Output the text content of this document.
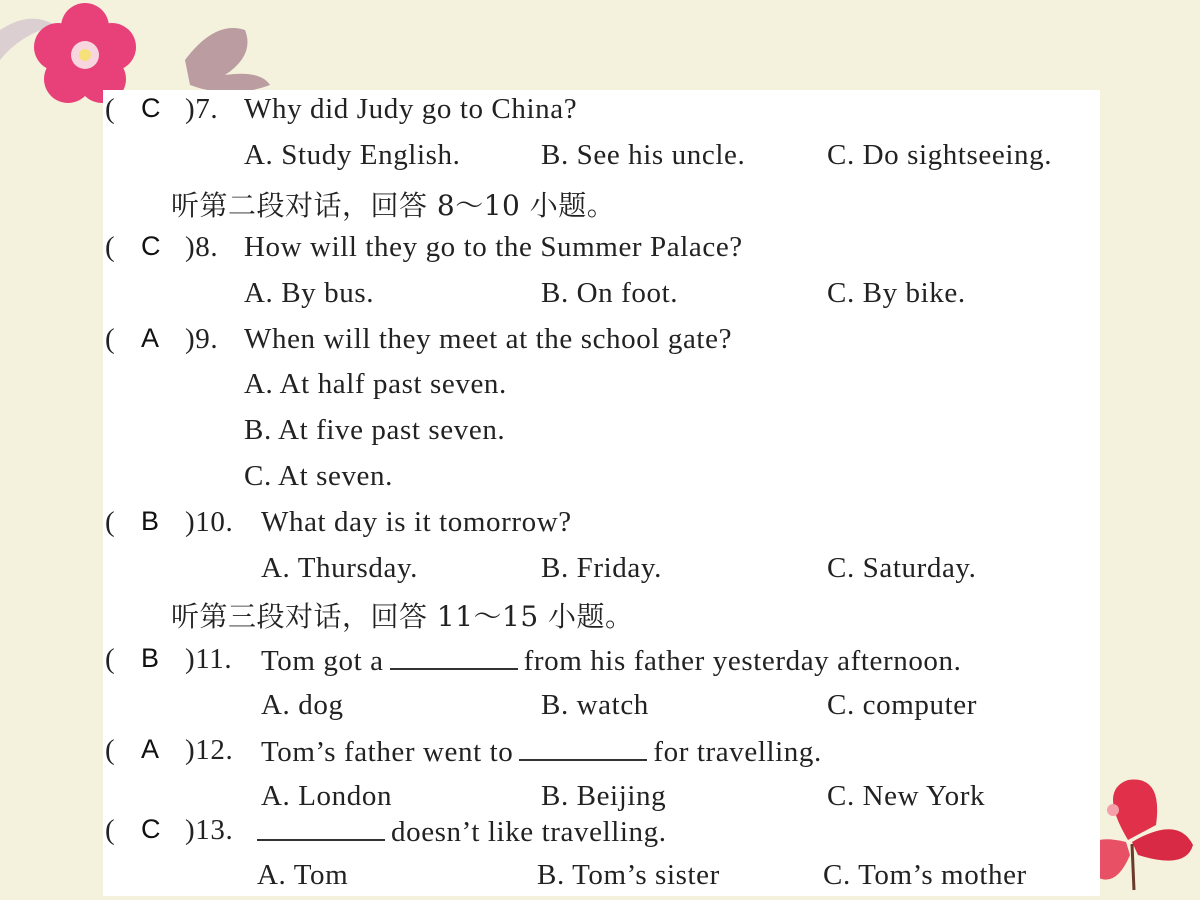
( C )7. Why did Judy go to China?
A. Study English.	B. See his uncle.	C. Do sightseeing.
听第二段对话，回答 8～10 小题。
( C )8. How will they go to the Summer Palace?
A. By bus.	B. On foot.	C. By bike.
( A )9. When will they meet at the school gate?
A. At half past seven.
B. At five past seven.
C. At seven.
( B )10. What day is it tomorrow?
A. Thursday.	B. Friday.	C. Saturday.
听第三段对话，回答 11～15 小题。
( B )11. Tom got a	from his father yesterday afternoon.
A. dog	B. watch	C. computer
( A )12. Tom’s father went to	for travelling.
A. London	B. Beijing	C. New York
( C )13.	doesn’t like travelling.
A. Tom	B. Tom’s sister	C. Tom’s mother
